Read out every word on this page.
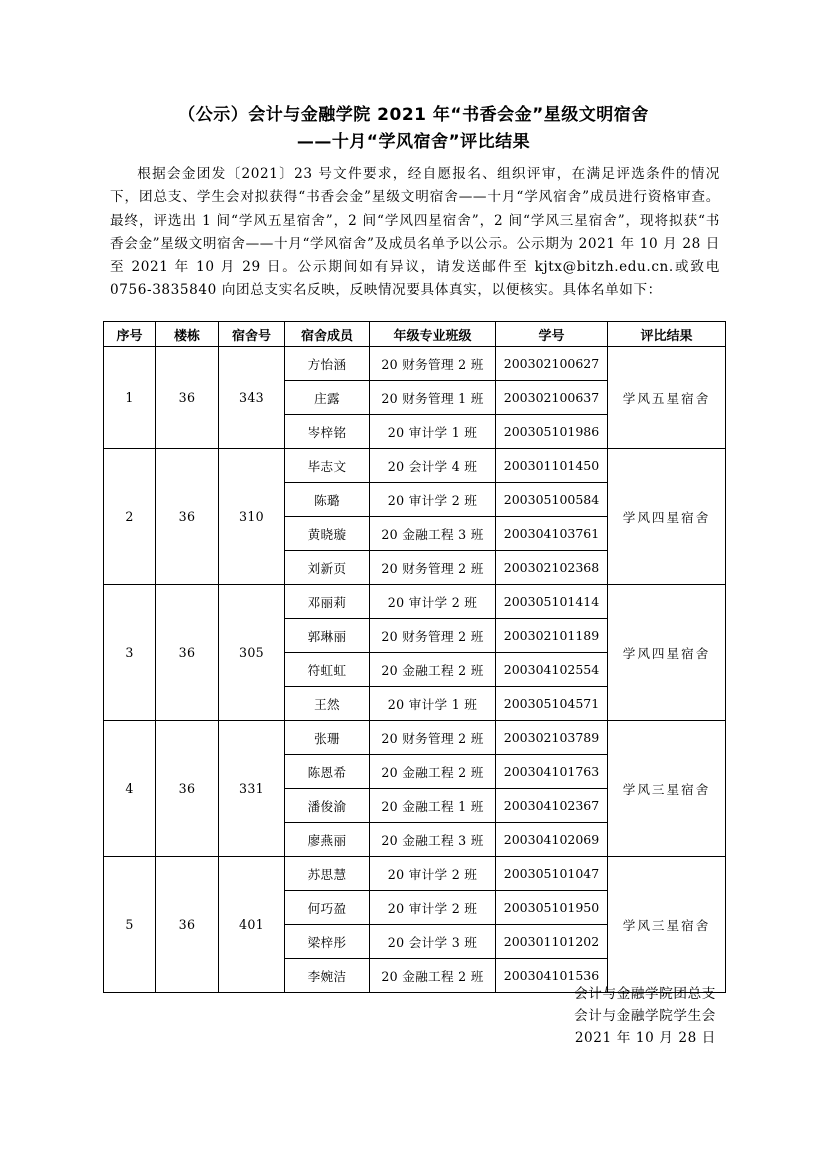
（公示）会计与金融学院 2021 年“书香会金”星级文明宿舍
——十月“学风宿舍”评比结果

根据会金团发〔2021〕23 号文件要求，经自愿报名、组织评审，在满足评选条件的情况下，团总支、学生会对拟获得“书香会金”星级文明宿舍——十月“学风宿舍”成员进行资格审查。最终，评选出 1 间“学风五星宿舍”，2 间“学风四星宿舍”，2 间“学风三星宿舍”，现将拟获“书香会金”星级文明宿舍——十月“学风宿舍”及成员名单予以公示。公示期为 2021 年 10 月 28 日至 2021 年 10 月 29 日。公示期间如有异议，请发送邮件至 kjtx@bitzh.edu.cn.或致电 0756-3835840 向团总支实名反映，反映情况要具体真实，以便核实。具体名单如下：

序号	楼栋	宿舍号	宿舍成员	年级专业班级	学号	评比结果
1	36	343	方怡涵	20 财务管理 2 班	200302100627	学风五星宿舍
			庄露	20 财务管理 1 班	200302100637	
			岑梓铭	20 审计学 1 班	200305101986	
2	36	310	毕志文	20 会计学 4 班	200301101450	学风四星宿舍
			陈璐	20 审计学 2 班	200305100584	
			黄晓璇	20 金融工程 3 班	200304103761	
			刘新页	20 财务管理 2 班	200302102368	
3	36	305	邓丽莉	20 审计学 2 班	200305101414	学风四星宿舍
			郭琳丽	20 财务管理 2 班	200302101189	
			符虹虹	20 金融工程 2 班	200304102554	
			王然	20 审计学 1 班	200305104571	
4	36	331	张珊	20 财务管理 2 班	200302103789	学风三星宿舍
			陈恩希	20 金融工程 2 班	200304101763	
			潘俊渝	20 金融工程 1 班	200304102367	
			廖燕丽	20 金融工程 3 班	200304102069	
5	36	401	苏思慧	20 审计学 2 班	200305101047	学风三星宿舍
			何巧盈	20 审计学 2 班	200305101950	
			梁梓彤	20 会计学 3 班	200301101202	
			李婉洁	20 金融工程 2 班	200304101536	
会计与金融学院团总支
会计与金融学院学生会
2021 年 10 月 28 日
